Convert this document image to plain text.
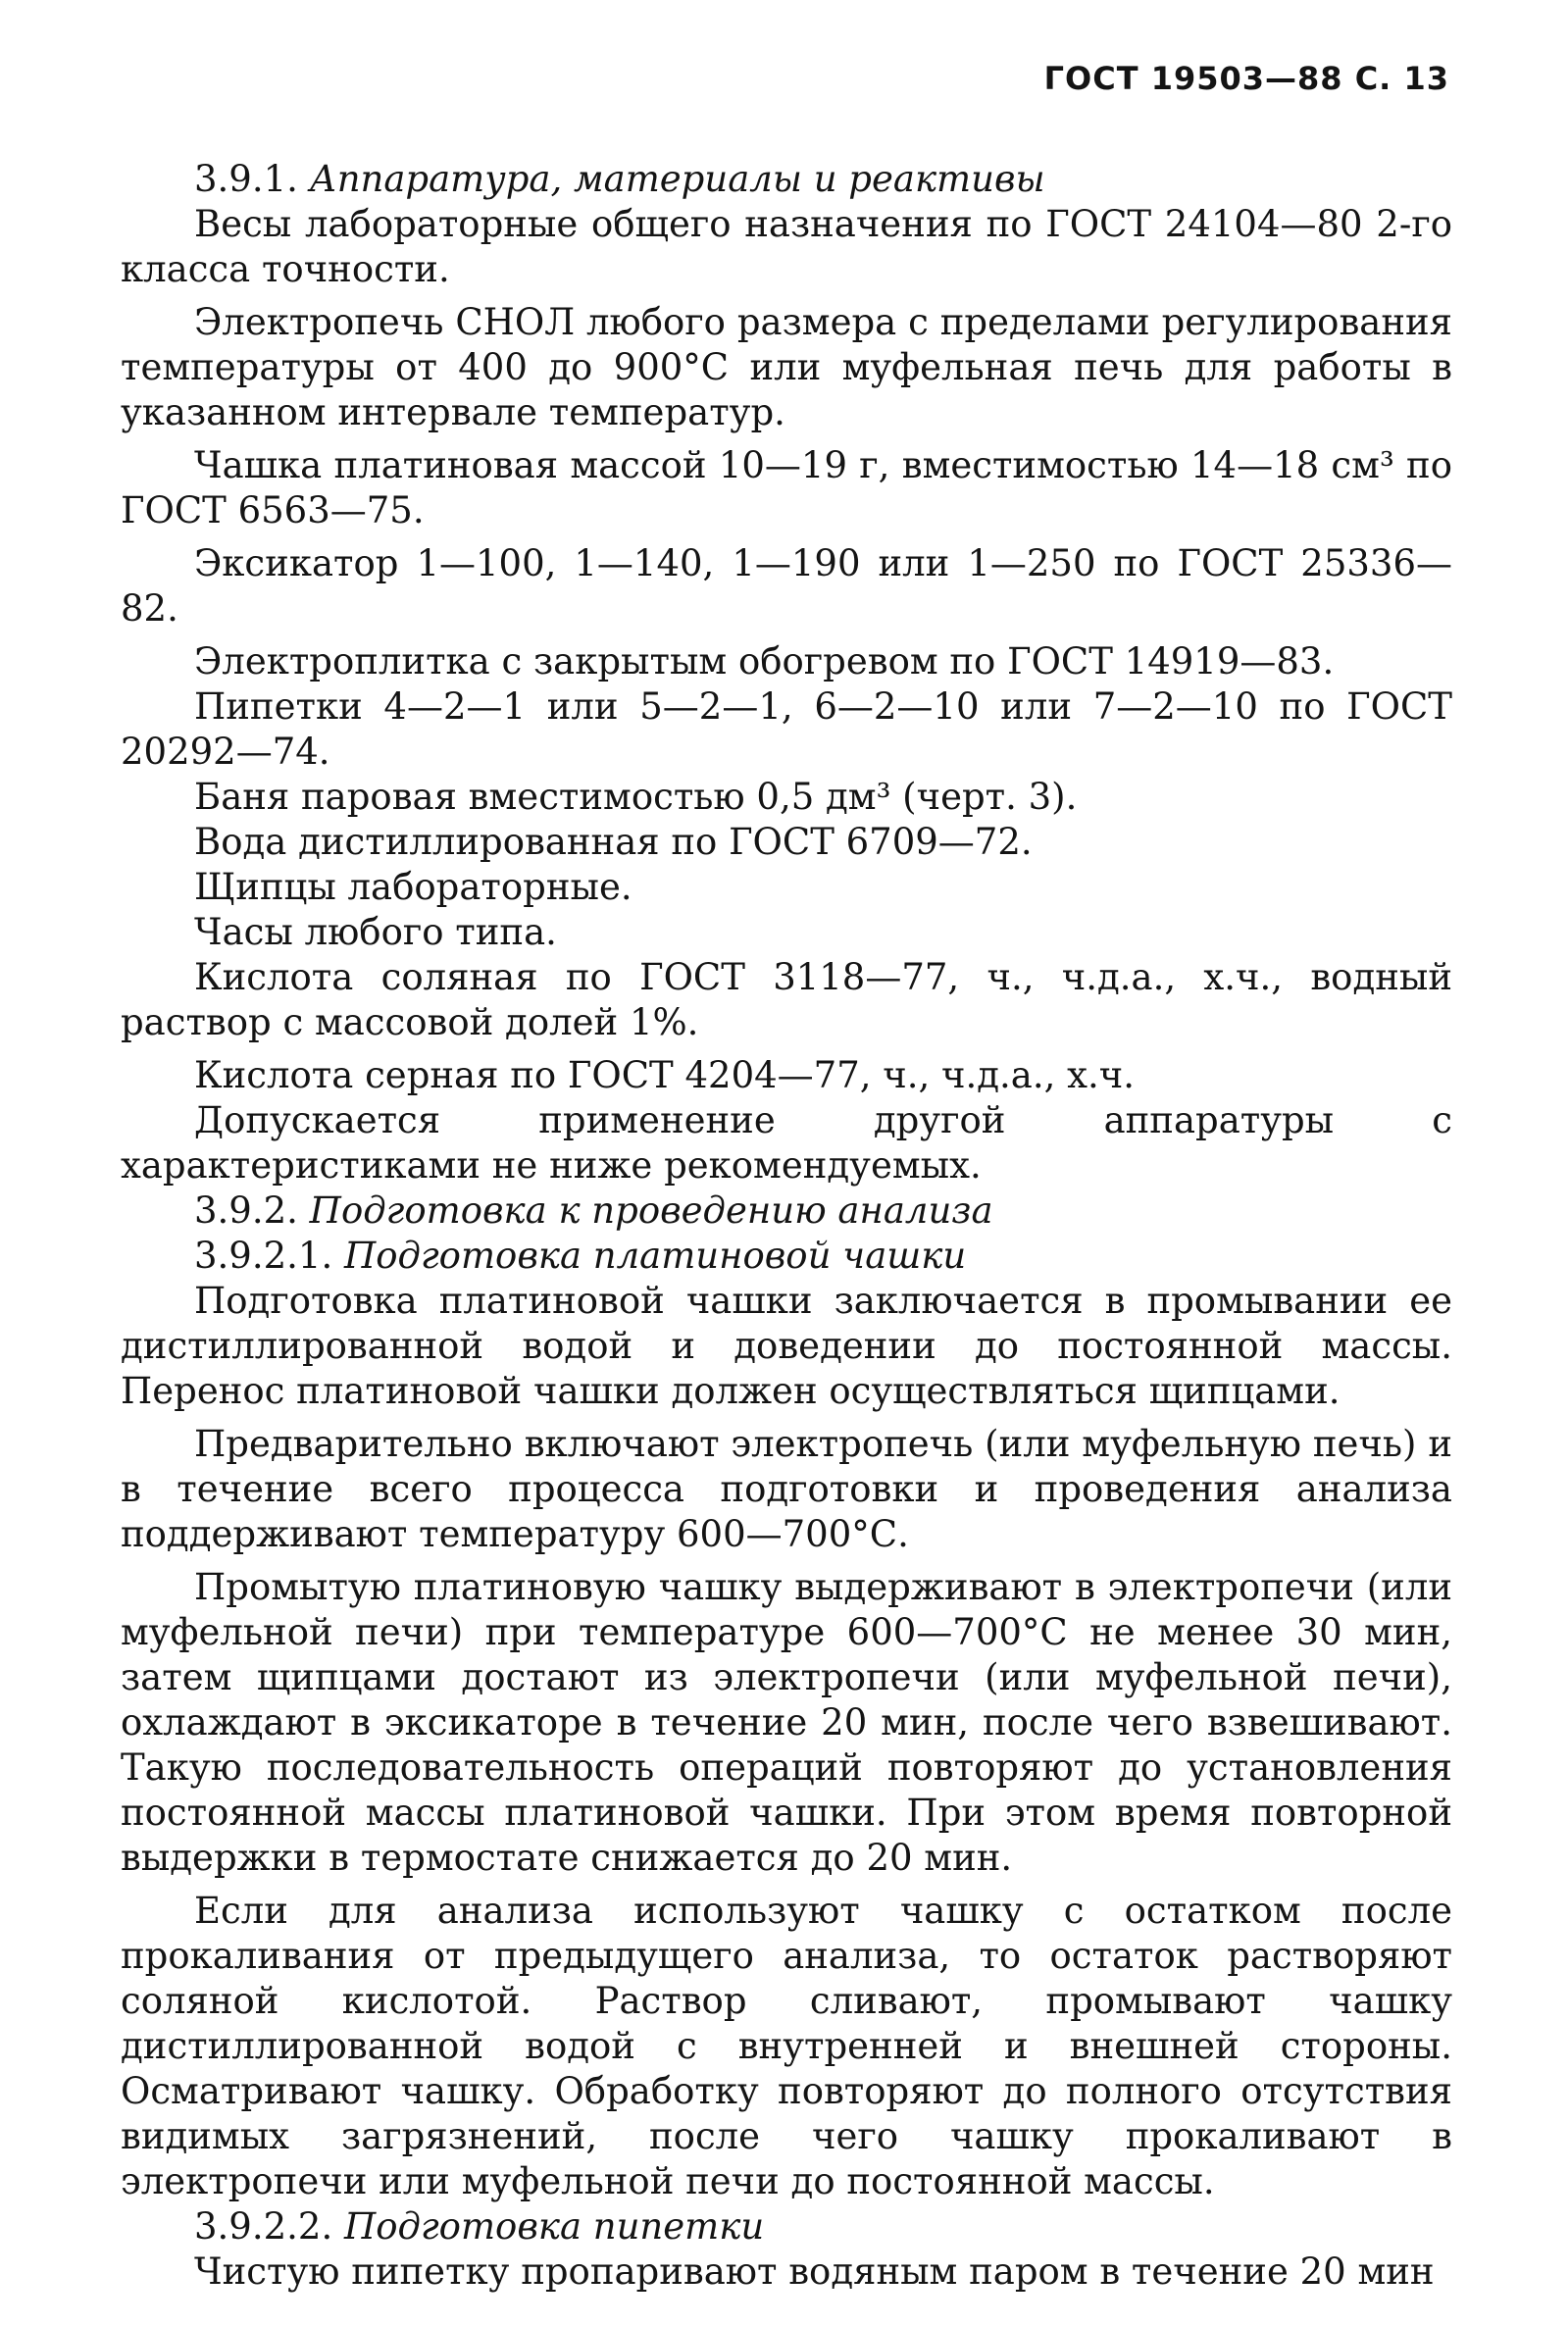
ГОСТ 19503—88 С. 13
3.9.1. Аппаратура, материалы и реактивы
Весы лабораторные общего назначения по ГОСТ 24104—80 2-го класса точности.
Электропечь СНОЛ любого размера с пределами регулирования температуры от 400 до 900°С или муфельная печь для работы в указанном интервале температур.
Чашка платиновая массой 10—19 г, вместимостью 14—18 см³ по ГОСТ 6563—75.
Эксикатор 1—100, 1—140, 1—190 или 1—250 по ГОСТ 25336—82.
Электроплитка с закрытым обогревом по ГОСТ 14919—83.
Пипетки 4—2—1 или 5—2—1, 6—2—10 или 7—2—10 по ГОСТ 20292—74.
Баня паровая вместимостью 0,5 дм³ (черт. 3).
Вода дистиллированная по ГОСТ 6709—72.
Щипцы лабораторные.
Часы любого типа.
Кислота соляная по ГОСТ 3118—77, ч., ч.д.а., х.ч., водный раствор с массовой долей 1%.
Кислота серная по ГОСТ 4204—77, ч., ч.д.а., х.ч.
Допускается применение другой аппаратуры с характеристиками не ниже рекомендуемых.
3.9.2. Подготовка к проведению анализа
3.9.2.1. Подготовка платиновой чашки
Подготовка платиновой чашки заключается в промывании ее дистиллированной водой и доведении до постоянной массы. Перенос платиновой чашки должен осуществляться щипцами.
Предварительно включают электропечь (или муфельную печь) и в течение всего процесса подготовки и проведения анализа поддерживают температуру 600—700°С.
Промытую платиновую чашку выдерживают в электропечи (или муфельной печи) при температуре 600—700°С не менее 30 мин, затем щипцами достают из электропечи (или муфельной печи), охлаждают в эксикаторе в течение 20 мин, после чего взвешивают. Такую последовательность операций повторяют до установления постоянной массы платиновой чашки. При этом время повторной выдержки в термостате снижается до 20 мин.
Если для анализа используют чашку с остатком после прокаливания от предыдущего анализа, то остаток растворяют соляной кислотой. Раствор сливают, промывают чашку дистиллированной водой с внутренней и внешней стороны. Осматривают чашку. Обработку повторяют до полного отсутствия видимых загрязнений, после чего чашку прокаливают в электропечи или муфельной печи до постоянной массы.
3.9.2.2. Подготовка пипетки
Чистую пипетку пропаривают водяным паром в течение 20 мин
